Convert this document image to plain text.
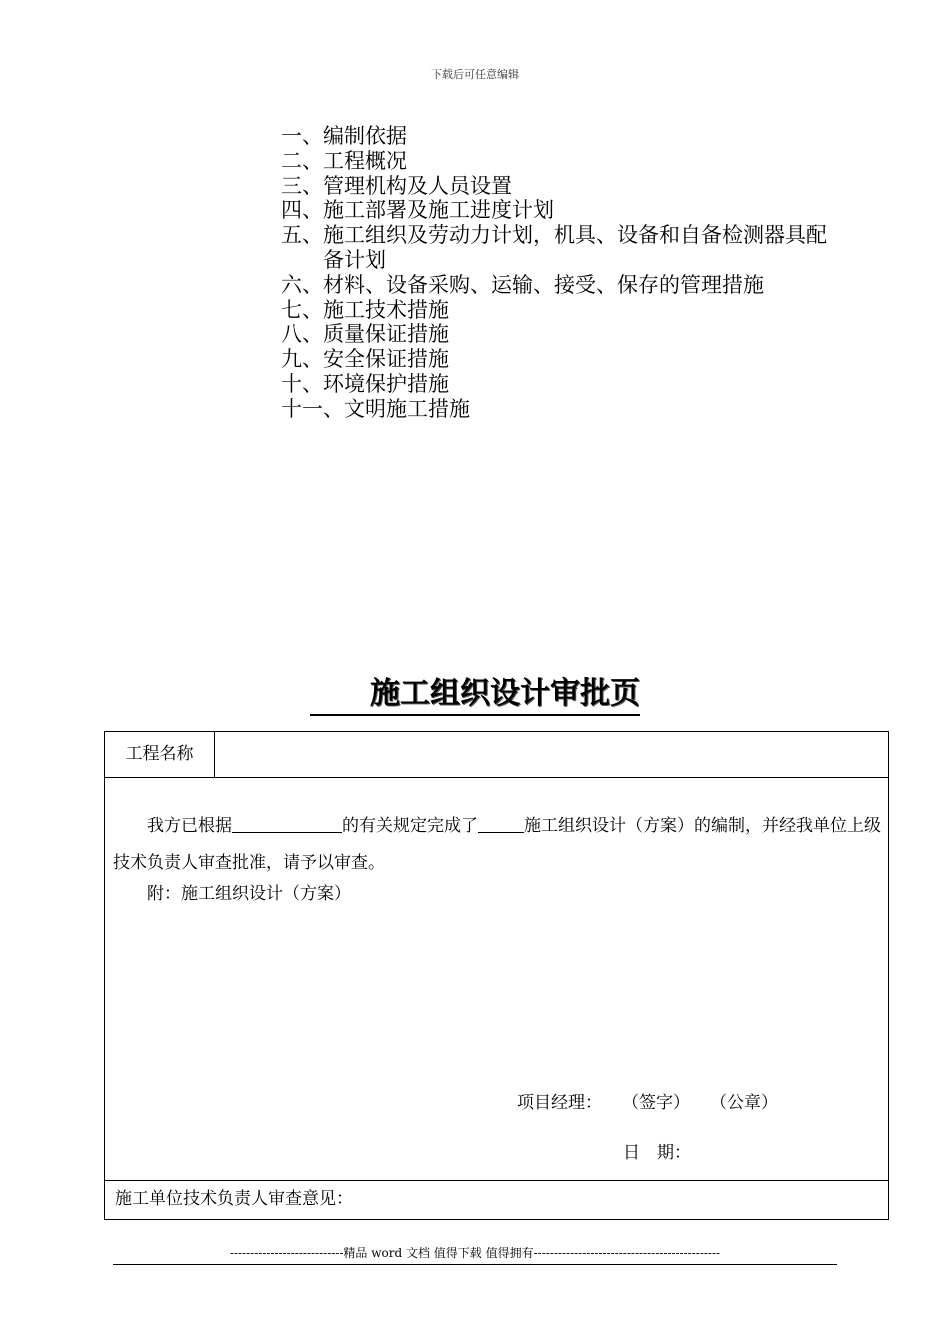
下载后可任意编辑
一、 编制依据
二、 工程概况
三、 管理机构及人员设置
四、 施工部署及施工进度计划
五、 施工组织及劳动力计划，机具、设备和自备检测器具配备计划
六、 材料、设备采购、运输、接受、保存的管理措施
七、 施工技术措施
八、 质量保证措施
九、 安全保证措施
十、 环境保护措施
十一、 文明施工措施
施工组织设计审批页
工程名称
我方已根据	的有关规定完成了	施工组织设计（方案）的编制，并经我单位上级技术负责人审查批准，请予以审查。
附：施工组织设计（方案）
项目经理： （签字） （公章）
日　期：
施工单位技术负责人审查意见：
----------------------------精品 word 文档 值得下载 值得拥有----------------------------------------------
